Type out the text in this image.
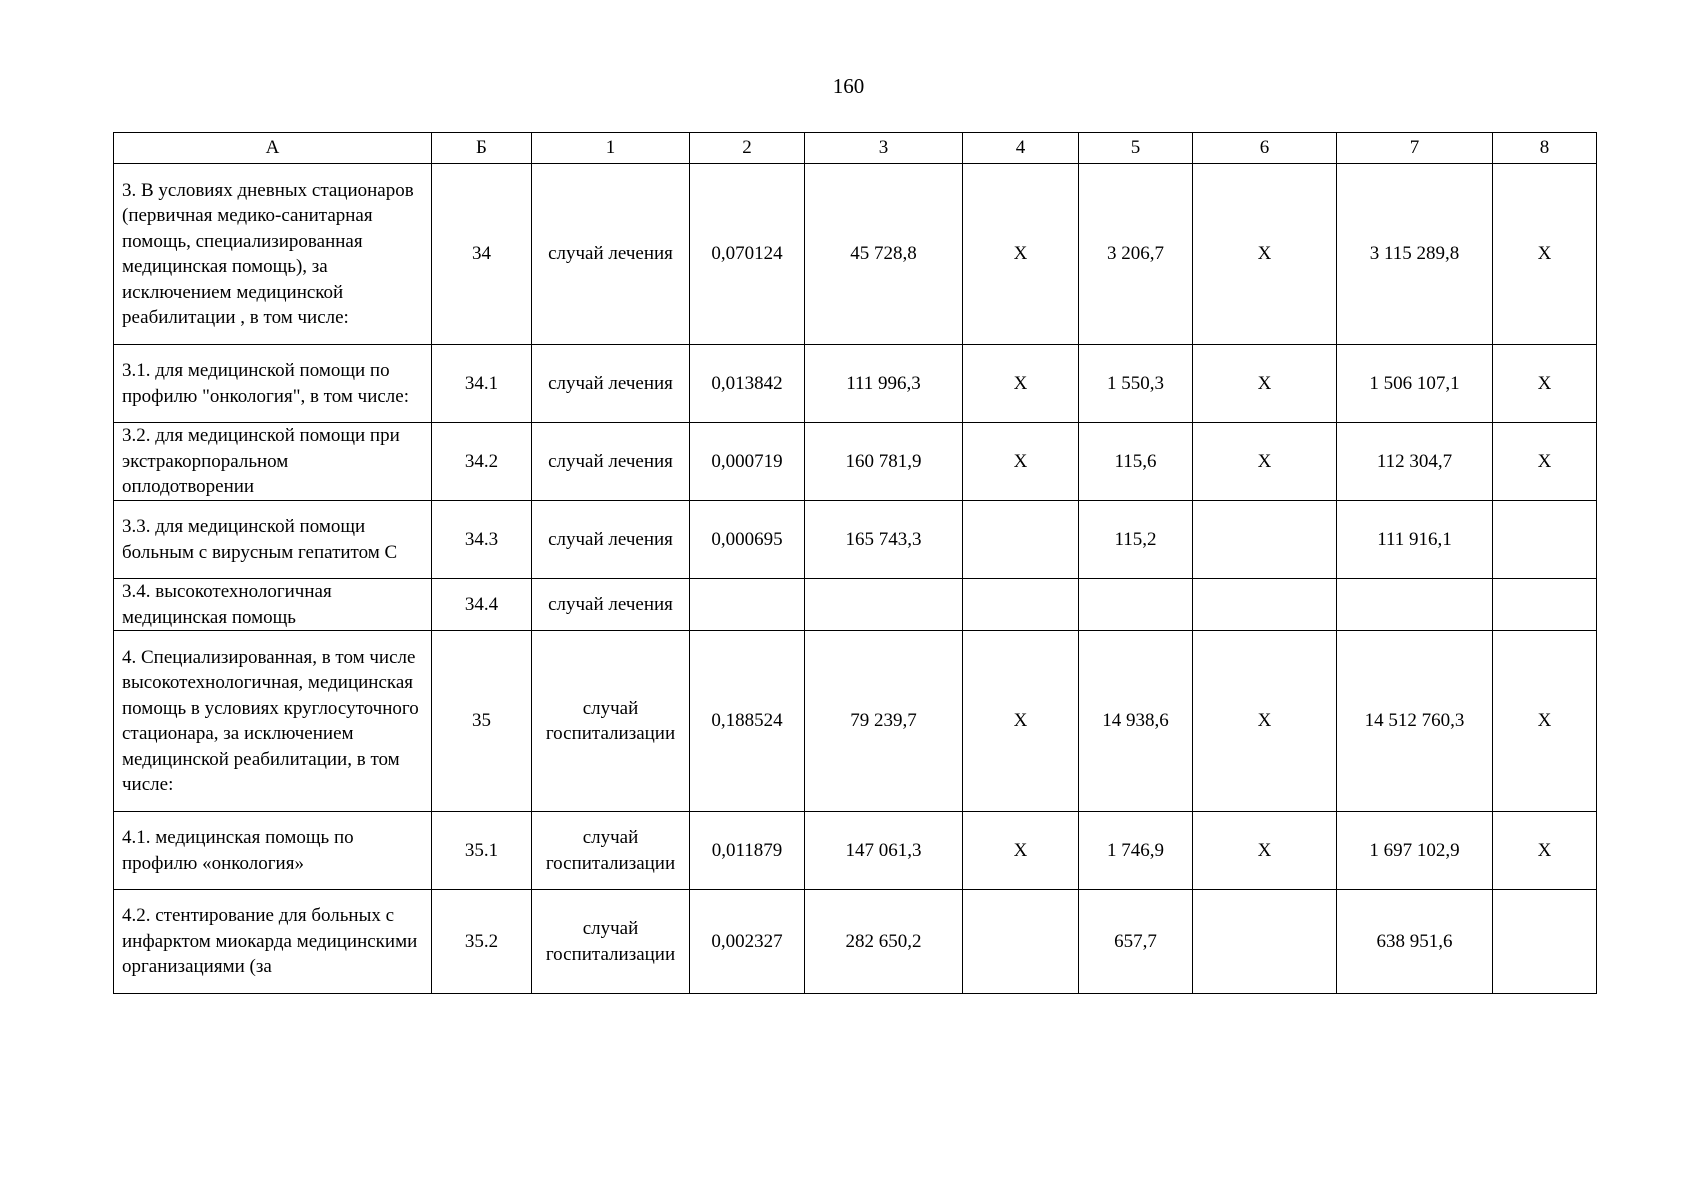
160
А	Б	1	2	3	4	5	6	7	8
3. В условиях дневных стационаров (первичная медико-санитарная помощь, специализированная медицинская помощь), за исключением медицинской реабилитации , в том числе:	34	случай лечения	0,070124	45 728,8	Х	3 206,7	Х	3 115 289,8	Х
3.1. для медицинской помощи по профилю "онкология", в том числе:	34.1	случай лечения	0,013842	111 996,3	Х	1 550,3	Х	1 506 107,1	Х
3.2. для медицинской помощи при экстракорпоральном оплодотворении	34.2	случай лечения	0,000719	160 781,9	Х	115,6	Х	112 304,7	Х
3.3. для медицинской помощи больным с вирусным гепатитом С	34.3	случай лечения	0,000695	165 743,3		115,2		111 916,1	
3.4. высокотехнологичная медицинская помощь	34.4	случай лечения							
4. Специализированная, в том числе высокотехнологичная, медицинская помощь в условиях круглосуточного стационара, за исключением медицинской реабилитации, в том числе:	35	случай госпитализации	0,188524	79 239,7	Х	14 938,6	Х	14 512 760,3	Х
4.1. медицинская помощь по профилю «онкология»	35.1	случай госпитализации	0,011879	147 061,3	Х	1 746,9	Х	1 697 102,9	Х
4.2. стентирование для больных с инфарктом миокарда медицинскими организациями (за	35.2	случай госпитализации	0,002327	282 650,2		657,7		638 951,6	
